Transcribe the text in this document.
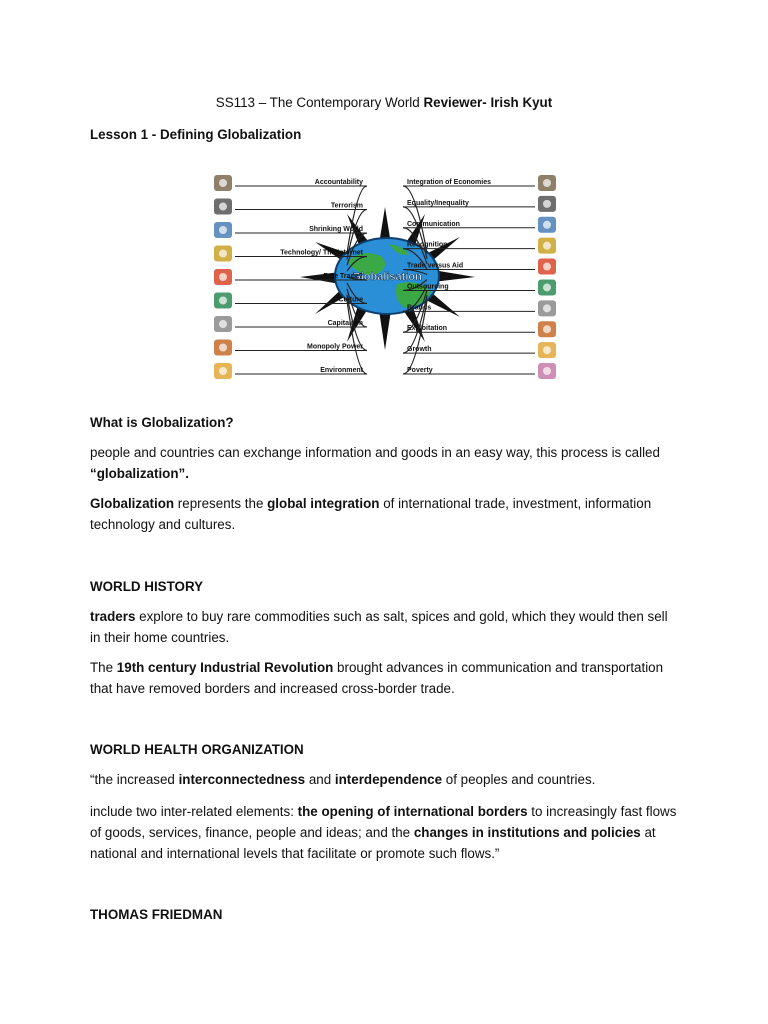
SS113 – The Contemporary World Reviewer- Irish Kyut
Lesson 1 - Defining Globalization
Globalisation
Accountability
Terrorism
Shrinking World
Technology/ The Internet
Free Trade?
Culture
Capitalism
Monopoly Power
Environment
Integration of Economies
Equality/Inequality
Communication
Recognition
Trade versus Aid
Outsourcing
Brands
Exploitation
Growth
Poverty
What is Globalization?
people and countries can exchange information and goods in an easy way, this process is called “globalization”.
Globalization represents the global integration of international trade, investment, information technology and cultures.
WORLD HISTORY
traders explore to buy rare commodities such as salt, spices and gold, which they would then sell in their home countries.
The 19th century Industrial Revolution brought advances in communication and transportation that have removed borders and increased cross-border trade.
WORLD HEALTH ORGANIZATION
“the increased interconnectedness and interdependence of peoples and countries.
include two inter-related elements: the opening of international borders to increasingly fast flows of goods, services, finance, people and ideas; and the changes in institutions and policies at national and international levels that facilitate or promote such flows.”
THOMAS FRIEDMAN
